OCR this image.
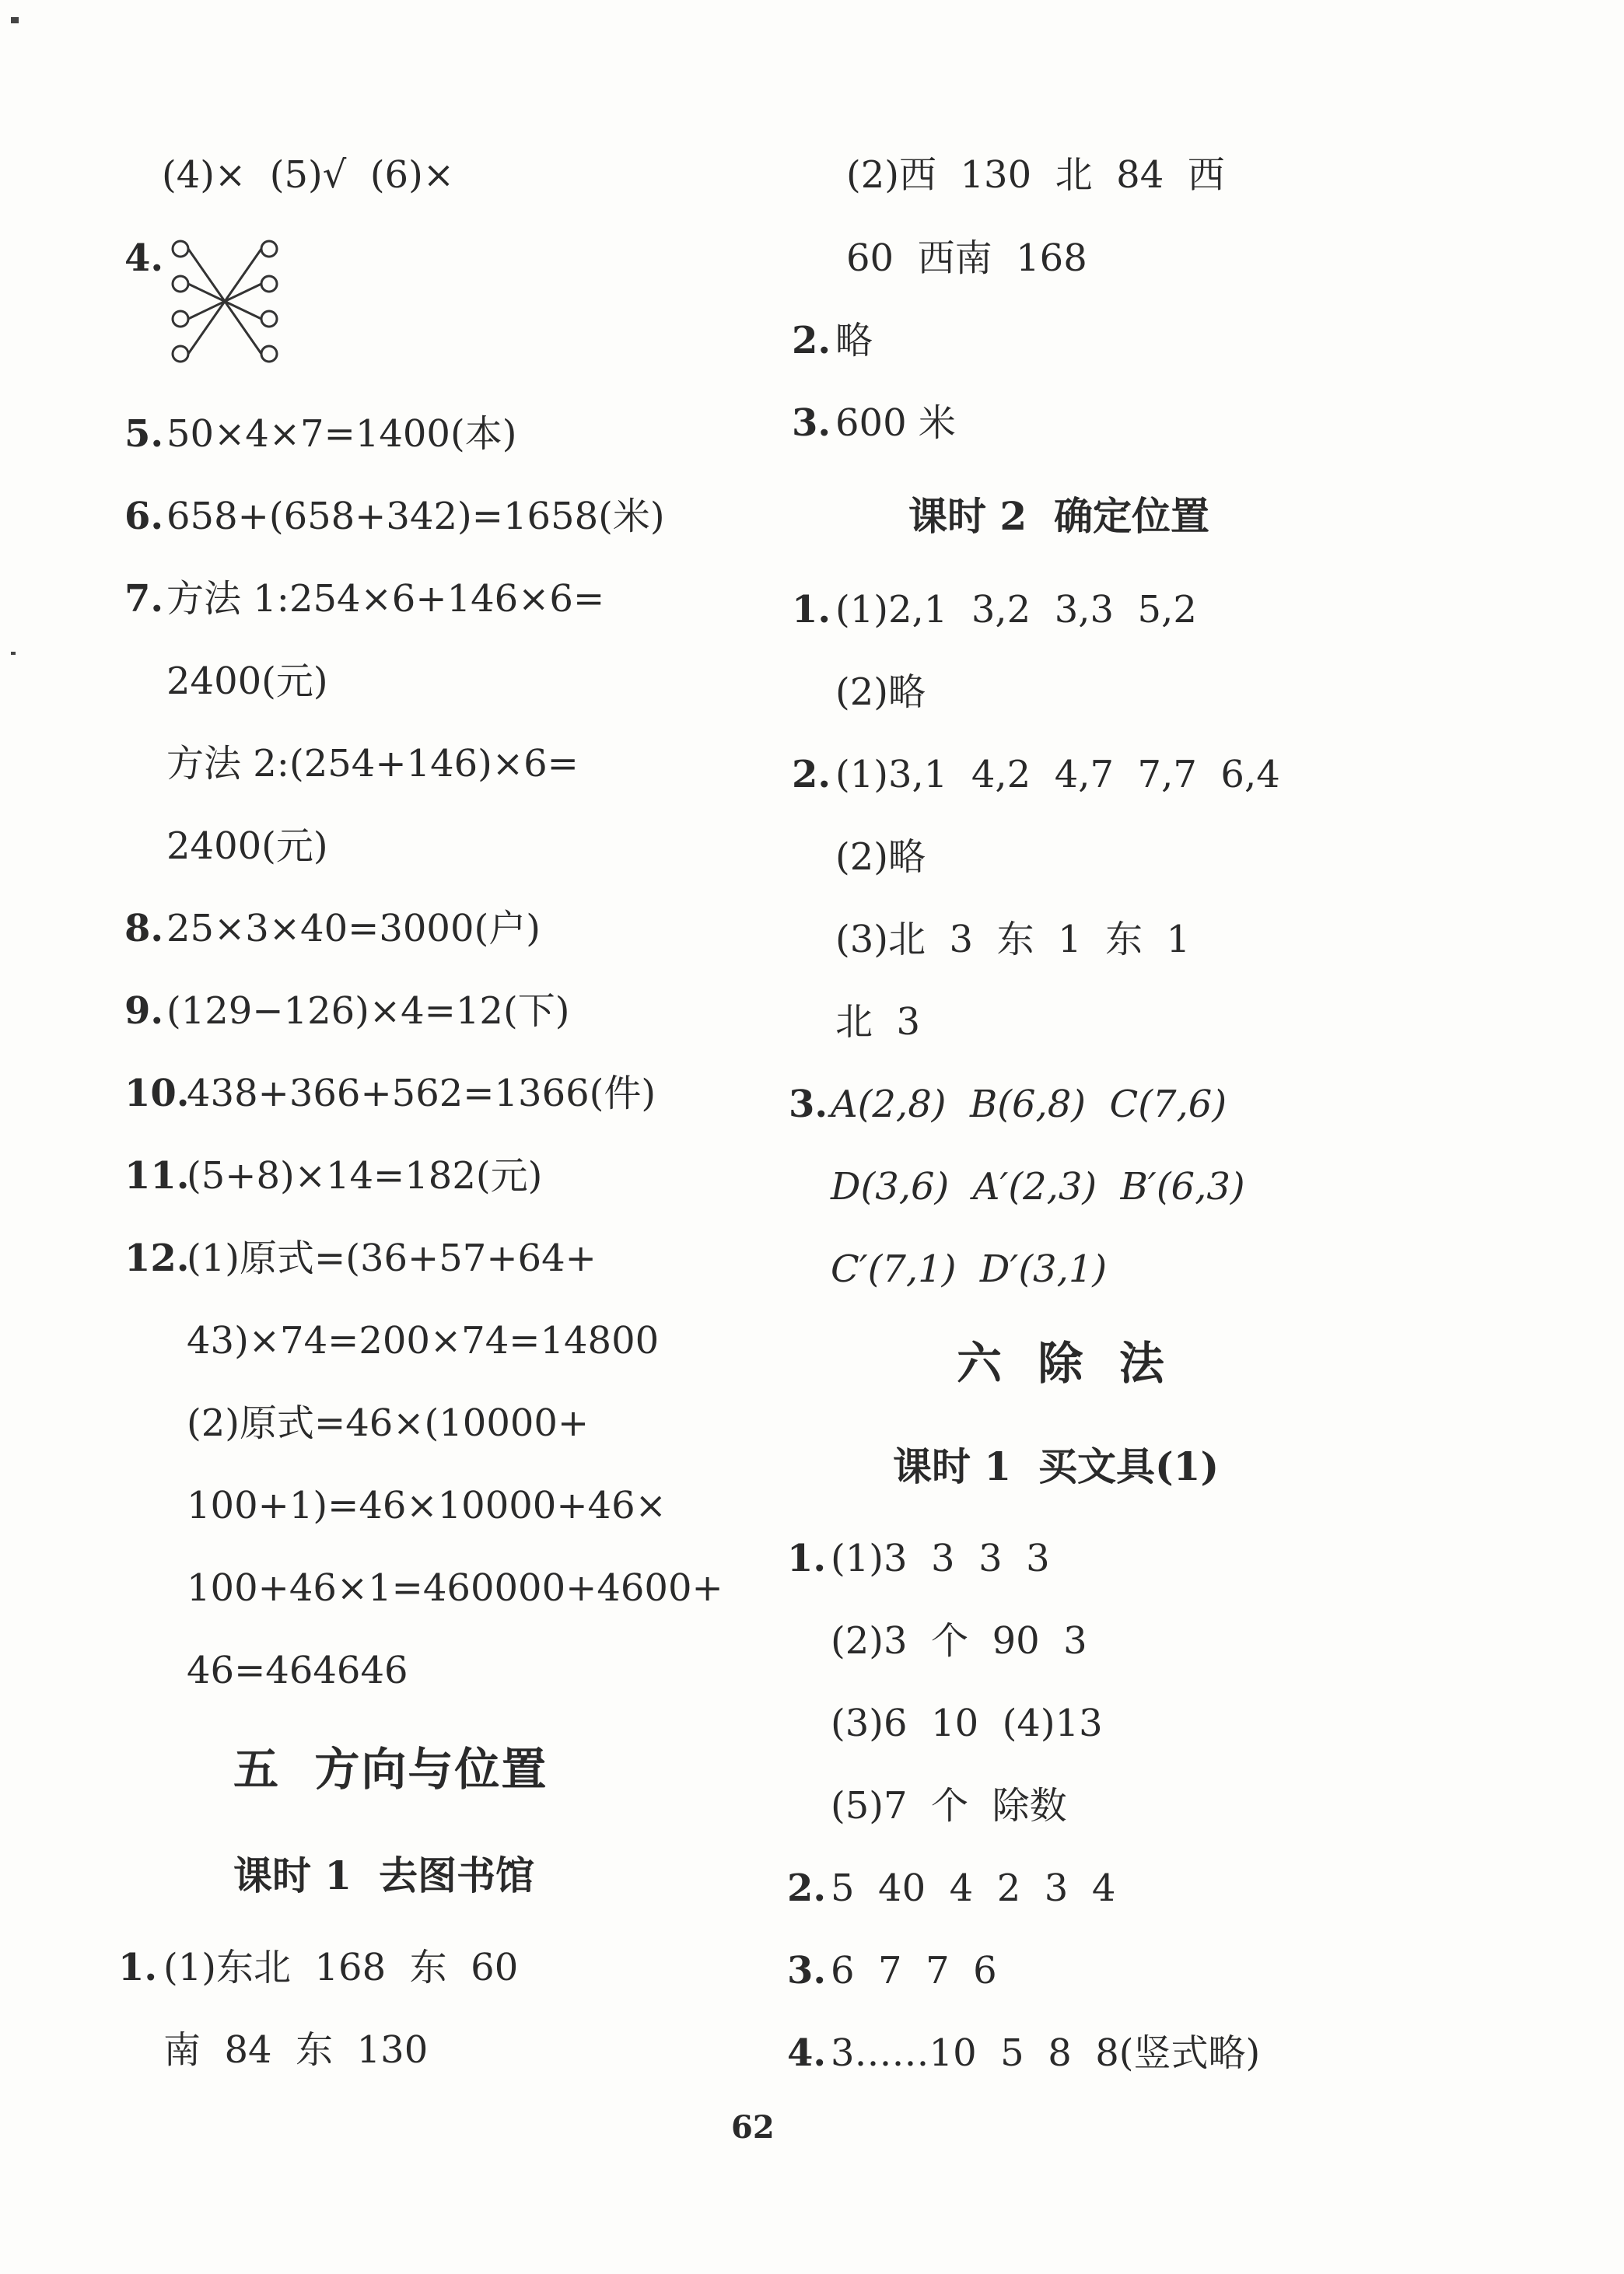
(4)×  (5)√  (6)×
4.
5. 50×4×7=1400(本)
6. 658+(658+342)=1658(米)
7. 方法 1:254×6+146×6=
2400(元)
方法 2:(254+146)×6=
2400(元)
8. 25×3×40=3000(户)
9. (129−126)×4=12(下)
10.
438+366+562=1366(件)
11.
(5+8)×14=182(元)
12.
(1)原式=(36+57+64+
43)×74=200×74=14800
(2)原式=46×(10000+
100+1)=46×10000+46×
100+46×1=460000+4600+
46=464646
五  方向与位置
课时 1  去图书馆
1. (1)东北  168  东  60
南  84  东  130
(2)西  130  北  84  西
60  西南  168
2. 略
3. 600 米
课时 2  确定位置
1. (1)2,1  3,2  3,3  5,2
(2)略
2. (1)3,1  4,2  4,7  7,7  6,4
(2)略
(3)北  3  东  1  东  1
北  3
3. A(2,8)  B(6,8)  C(7,6)
D(3,6)  A′(2,3)  B′(6,3)
C′(7,1)  D′(3,1)
六  除  法
课时 1  买文具(1)
1. (1)3  3  3  3
(2)3  个  90  3
(3)6  10  (4)13
(5)7  个  除数
2. 5  40  4  2  3  4
3. 6  7  7  6
4. 3……10  5  8  8(竖式略)
62
